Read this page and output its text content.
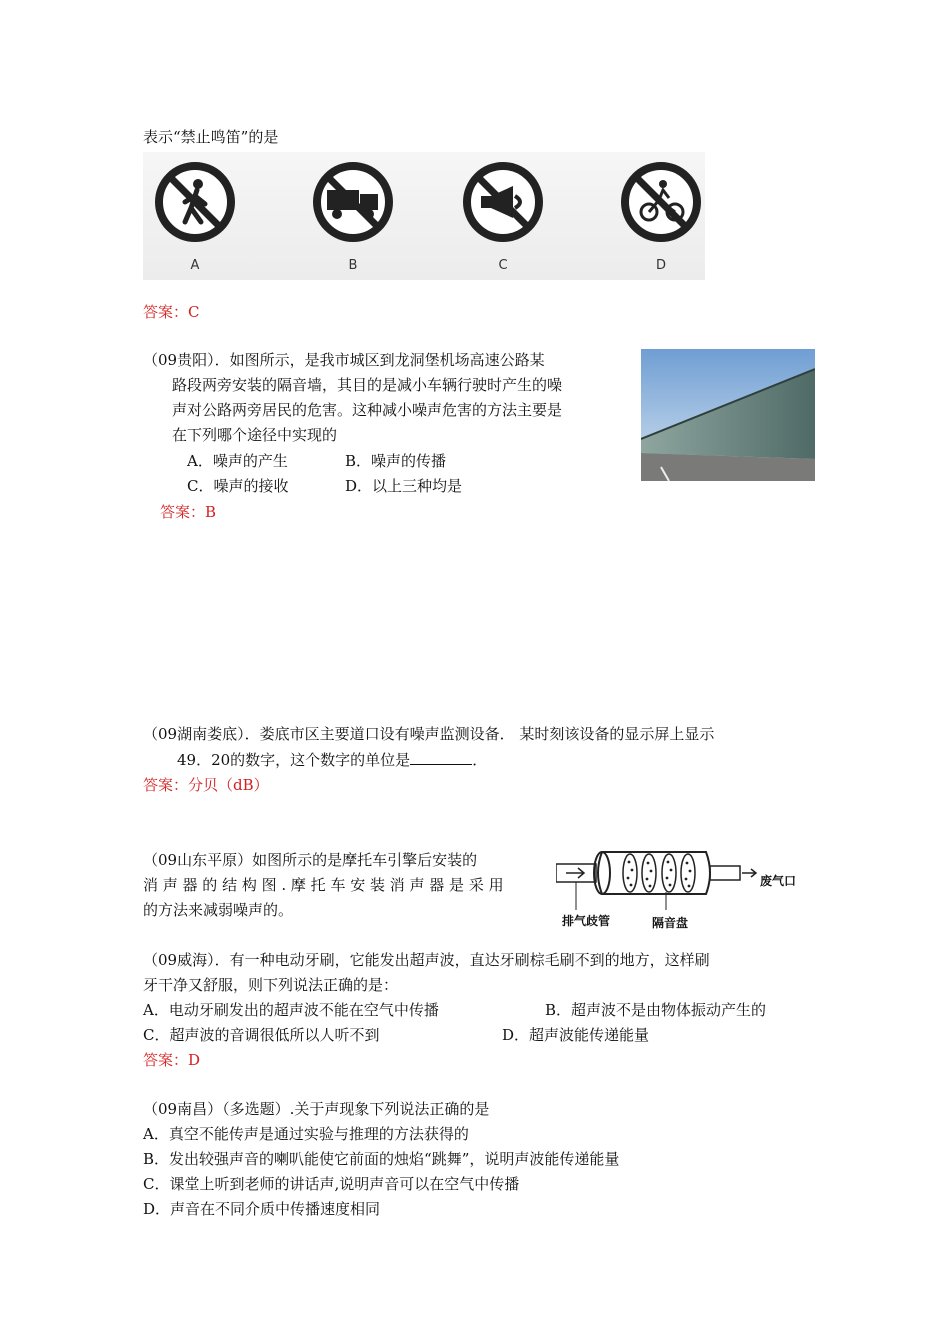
表示“禁止鸣笛”的是
A	B	C	D
答案：C
（09贵阳）．如图所示，是我市城区到龙洞堡机场高速公路某
路段两旁安装的隔音墙，其目的是减小车辆行驶时产生的噪
声对公路两旁居民的危害。这种减小噪声危害的方法主要是
在下列哪个途径中实现的
A．噪声的产生	B．噪声的传播
C．噪声的接收	D．以上三种均是
答案：B
（09湖南娄底）．娄底市区主要道口设有噪声监测设备． 某时刻该设备的显示屏上显示
49．20的数字，这个数字的单位是	．
答案：分贝（dB）
（09山东平原）如图所示的是摩托车引擎后安装的
消 声 器 的 结 构 图 . 摩 托 车 安 装 消 声 器 是 采 用
的方法来减弱噪声的。
废气口
排气歧管	隔音盘
（09威海）．有一种电动牙刷，它能发出超声波，直达牙刷棕毛刷不到的地方，这样刷
牙干净又舒服，则下列说法正确的是：
A．电动牙刷发出的超声波不能在空气中传播	B．超声波不是由物体振动产生的
C．超声波的音调很低所以人听不到	D．超声波能传递能量
答案：D
（09南昌）（多选题）.关于声现象下列说法正确的是
A．真空不能传声是通过实验与推理的方法获得的
B．发出较强声音的喇叭能使它前面的烛焰“跳舞”，说明声波能传递能量
C．课堂上听到老师的讲话声,说明声音可以在空气中传播
D．声音在不同介质中传播速度相同
